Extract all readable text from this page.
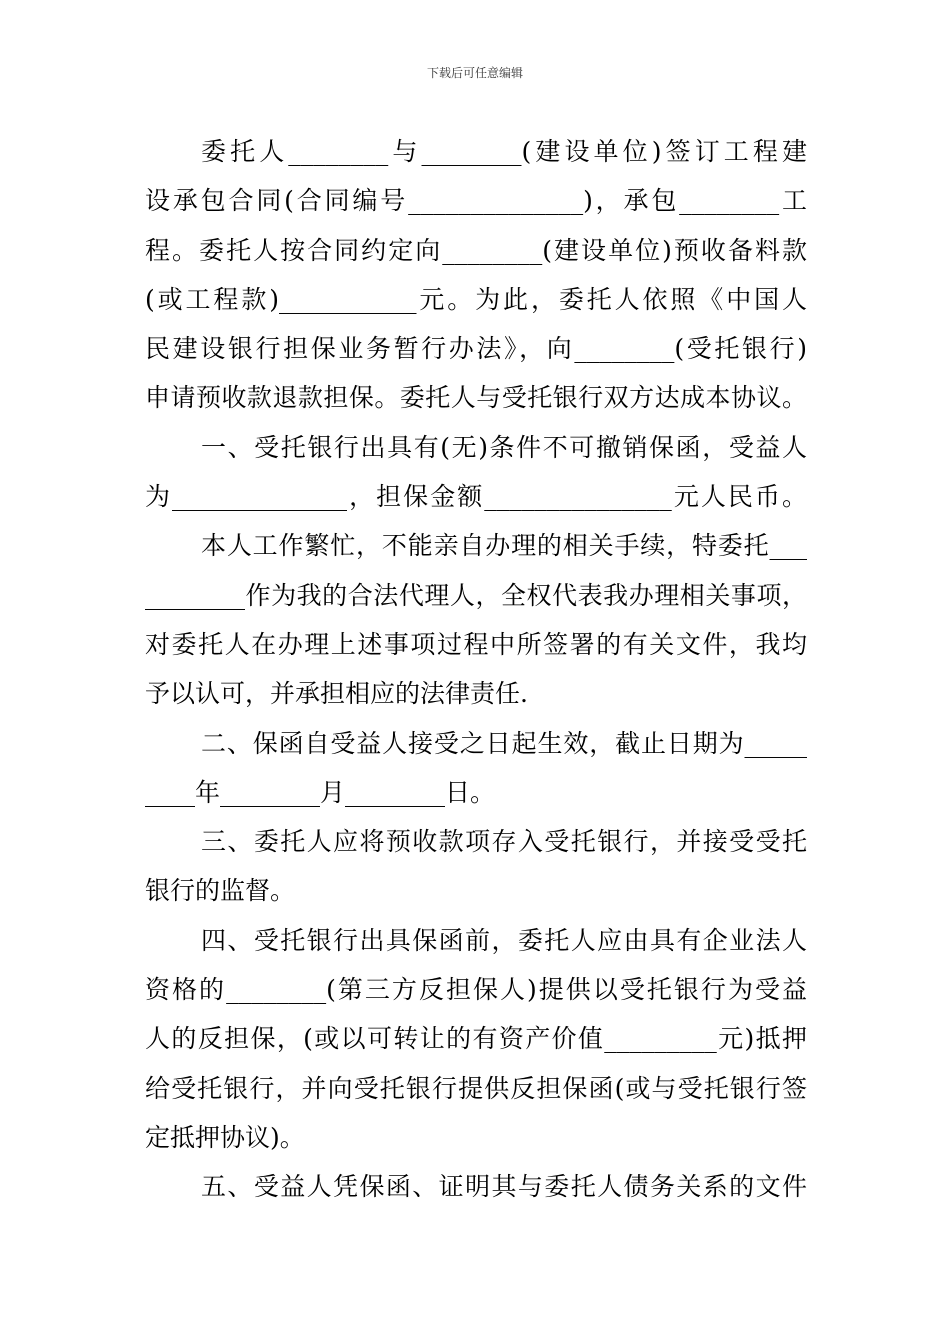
下载后可任意编辑
委托人________与________(建设单位)签订工程建
设承包合同(合同编号______________)，承包________工
程。委托人按合同约定向________(建设单位)预收备料款
(或工程款)___________元。为此，委托人依照《中国人
民建设银行担保业务暂行办法》，向________(受托银行)
申请预收款退款担保。委托人与受托银行双方达成本协议。
一、受托银行出具有(无)条件不可撤销保函，受益人
为______________，担保金额_______________元人民币。
本人工作繁忙，不能亲自办理的相关手续，特委托___
________作为我的合法代理人，全权代表我办理相关事项，
对委托人在办理上述事项过程中所签署的有关文件，我均
予以认可，并承担相应的法律责任.
二、保函自受益人接受之日起生效，截止日期为_____
____年________月________日。
三、委托人应将预收款项存入受托银行，并接受受托
银行的监督。
四、受托银行出具保函前，委托人应由具有企业法人
资格的________(第三方反担保人)提供以受托银行为受益
人的反担保，(或以可转让的有资产价值_________元)抵押
给受托银行，并向受托银行提供反担保函(或与受托银行签
定抵押协议)。
五、受益人凭保函、证明其与委托人债务关系的文件
